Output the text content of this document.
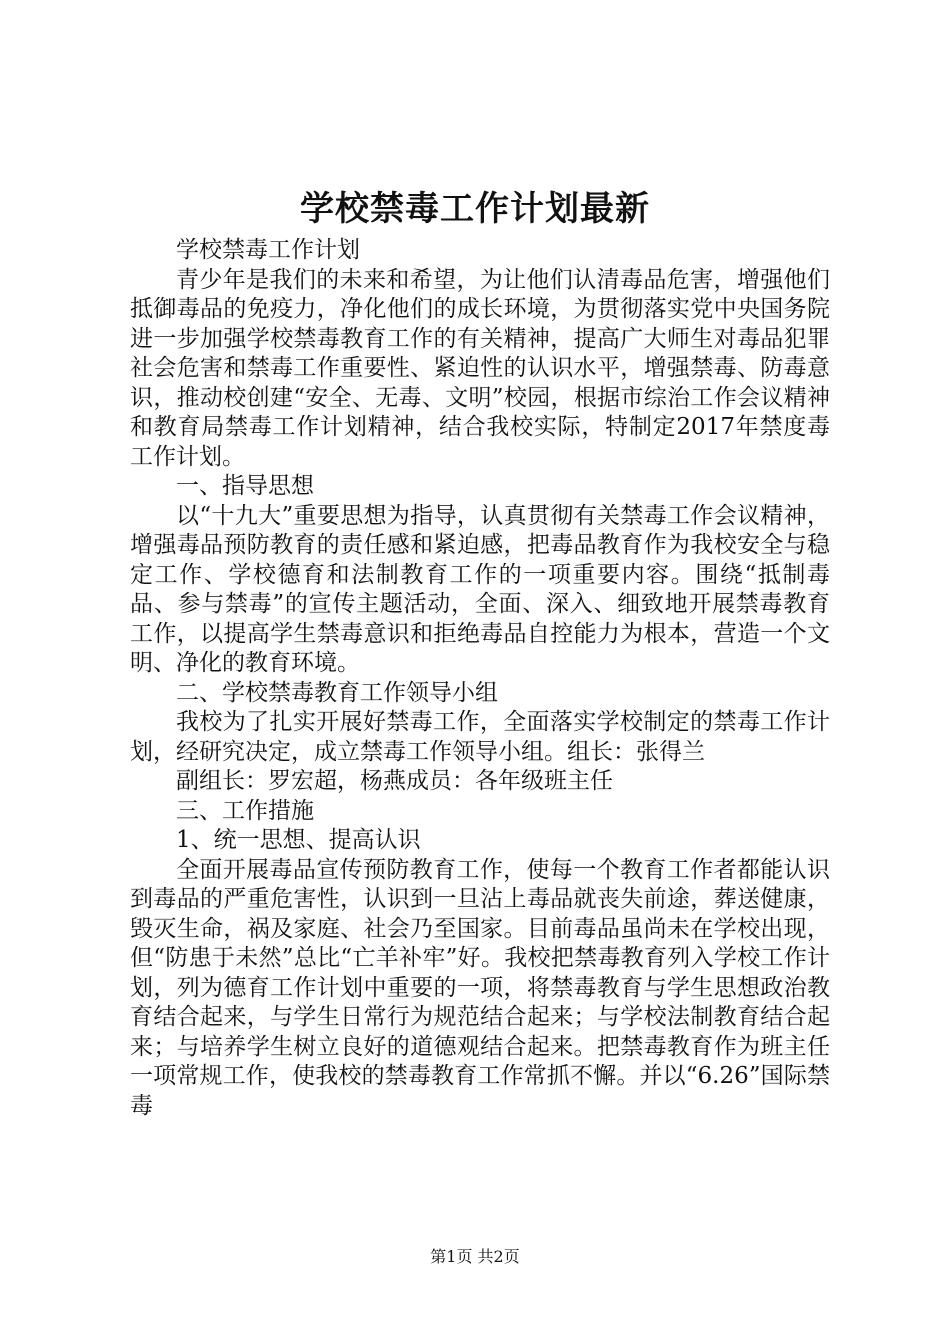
学校禁毒工作计划最新

学校禁毒工作计划

青少年是我们的未来和希望，为让他们认清毒品危害，增强他们抵御毒品的免疫力，净化他们的成长环境，为贯彻落实党中央国务院进一步加强学校禁毒教育工作的有关精神，提高广大师生对毒品犯罪社会危害和禁毒工作重要性、紧迫性的认识水平，增强禁毒、防毒意识，推动校创建“安全、无毒、文明”校园，根据市综治工作会议精神和教育局禁毒工作计划精神，结合我校实际，特制定2017年禁度毒工作计划。

一、指导思想

以“十九大”重要思想为指导，认真贯彻有关禁毒工作会议精神，增强毒品预防教育的责任感和紧迫感，把毒品教育作为我校安全与稳定工作、学校德育和法制教育工作的一项重要内容。围绕“抵制毒品、参与禁毒”的宣传主题活动，全面、深入、细致地开展禁毒教育工作，以提高学生禁毒意识和拒绝毒品自控能力为根本，营造一个文明、净化的教育环境。

二、学校禁毒教育工作领导小组

我校为了扎实开展好禁毒工作，全面落实学校制定的禁毒工作计划，经研究决定，成立禁毒工作领导小组。组长：张得兰

副组长：罗宏超，杨燕成员：各年级班主任

三、工作措施

1、统一思想、提高认识

全面开展毒品宣传预防教育工作，使每一个教育工作者都能认识到毒品的严重危害性，认识到一旦沾上毒品就丧失前途，葬送健康，毁灭生命，祸及家庭、社会乃至国家。目前毒品虽尚未在学校出现，但“防患于未然”总比“亡羊补牢”好。我校把禁毒教育列入学校工作计划，列为德育工作计划中重要的一项，将禁毒教育与学生思想政治教育结合起来，与学生日常行为规范结合起来；与学校法制教育结合起来；与培养学生树立良好的道德观结合起来。把禁毒教育作为班主任一项常规工作，使我校的禁毒教育工作常抓不懈。并以“6.26”国际禁毒

第1页 共2页
